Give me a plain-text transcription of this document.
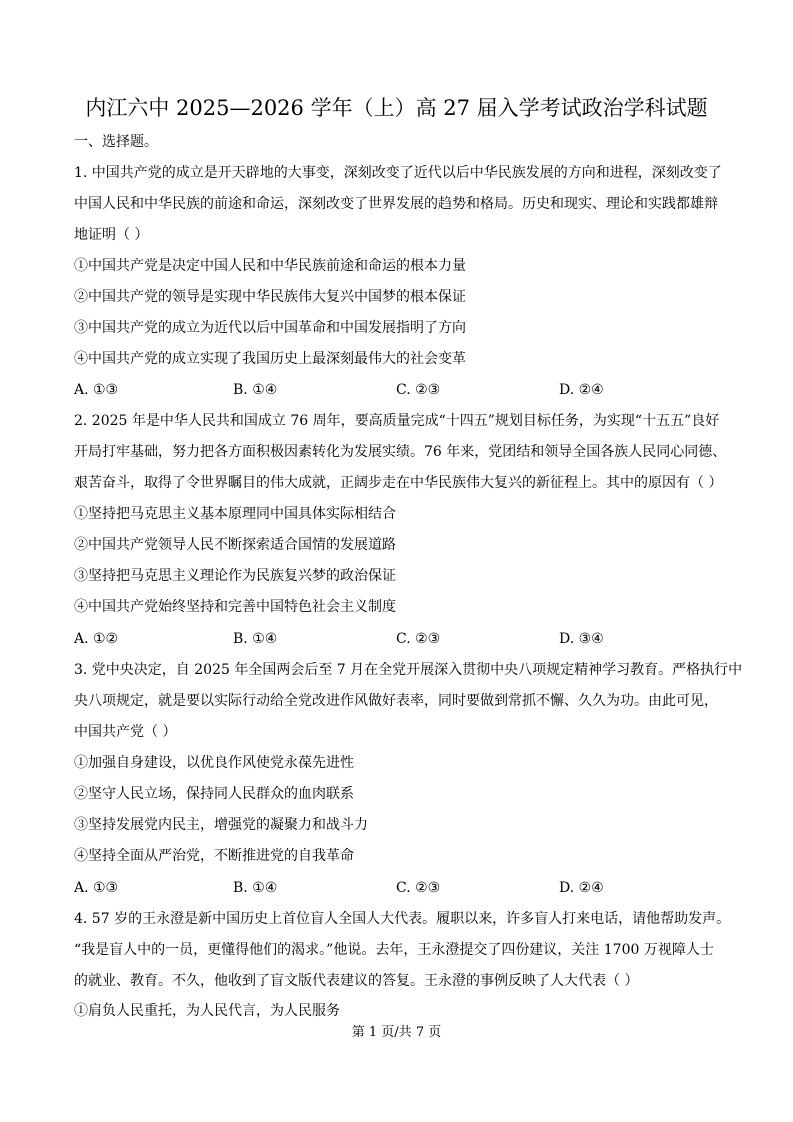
内江六中 2025—2026 学年（上）高 27 届入学考试政治学科试题
一、选择题。
1. 中国共产党的成立是开天辟地的大事变，深刻改变了近代以后中华民族发展的方向和进程，深刻改变了
中国人民和中华民族的前途和命运，深刻改变了世界发展的趋势和格局。历史和现实、理论和实践都雄辩
地证明（ ）
①中国共产党是决定中国人民和中华民族前途和命运的根本力量
②中国共产党的领导是实现中华民族伟大复兴中国梦的根本保证
③中国共产党的成立为近代以后中国革命和中国发展指明了方向
④中国共产党的成立实现了我国历史上最深刻最伟大的社会变革
A. ①③	B. ①④	C. ②③	D. ②④
2. 2025 年是中华人民共和国成立 76 周年，要高质量完成“十四五”规划目标任务，为实现“十五五”良好
开局打牢基础，努力把各方面积极因素转化为发展实绩。76 年来，党团结和领导全国各族人民同心同德、
艰苦奋斗，取得了令世界瞩目的伟大成就，正阔步走在中华民族伟大复兴的新征程上。其中的原因有（ ）
①坚持把马克思主义基本原理同中国具体实际相结合
②中国共产党领导人民不断探索适合国情的发展道路
③坚持把马克思主义理论作为民族复兴梦的政治保证
④中国共产党始终坚持和完善中国特色社会主义制度
A. ①②	B. ①④	C. ②③	D. ③④
3. 党中央决定，自 2025 年全国两会后至 7 月在全党开展深入贯彻中央八项规定精神学习教育。严格执行中
央八项规定，就是要以实际行动给全党改进作风做好表率，同时要做到常抓不懈、久久为功。由此可见，
中国共产党（ ）
①加强自身建设，以优良作风使党永葆先进性
②坚守人民立场，保持同人民群众的血肉联系
③坚持发展党内民主，增强党的凝聚力和战斗力
④坚持全面从严治党，不断推进党的自我革命
A. ①③	B. ①④	C. ②③	D. ②④
4. 57 岁的王永澄是新中国历史上首位盲人全国人大代表。履职以来，许多盲人打来电话，请他帮助发声。
“我是盲人中的一员，更懂得他们的渴求。”他说。去年，王永澄提交了四份建议，关注 1700 万视障人士
的就业、教育。不久，他收到了盲文版代表建议的答复。王永澄的事例反映了人大代表（ ）
①肩负人民重托，为人民代言，为人民服务
第 1 页/共 7 页
